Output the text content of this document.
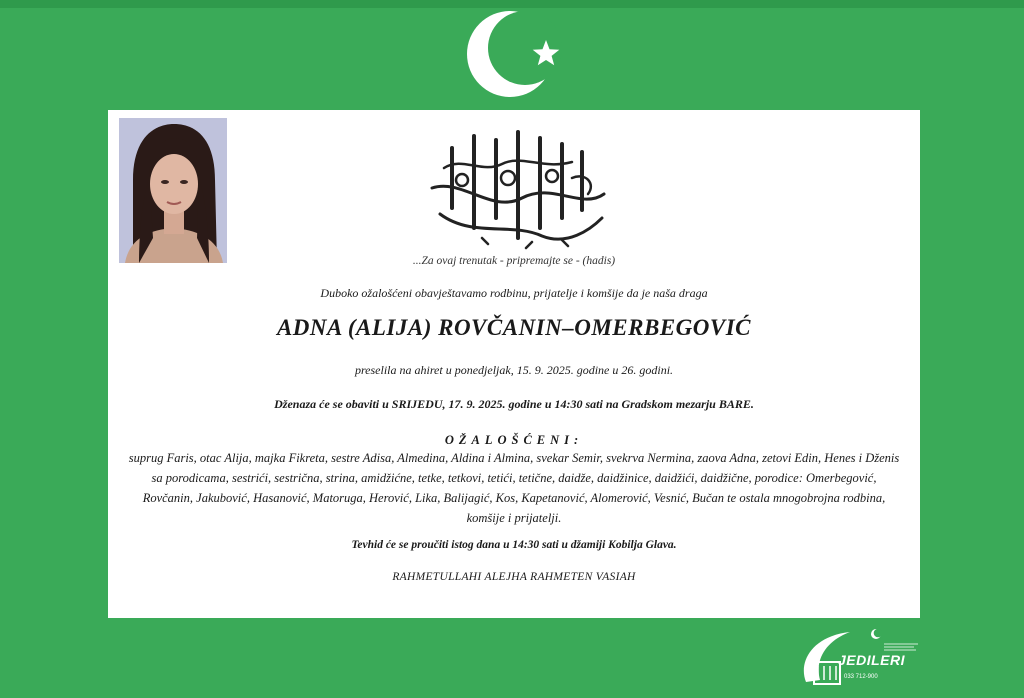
...Za ovaj trenutak - pripremajte se - (hadis)

Duboko ožalošćeni obavještavamo rodbinu, prijatelje i komšije da je naša draga

ADNA (ALIJA) ROVČANIN–OMERBEGOVIĆ

preselila na ahiret u ponedjeljak, 15. 9. 2025. godine u 26. godini.

Dženaza će se obaviti u SRIJEDU, 17. 9. 2025. godine u 14:30 sati na Gradskom mezarju BARE.

OŽALOŠĆENI:

suprug Faris, otac Alija, majka Fikreta, sestre Adisa, Almedina, Aldina i Almina, svekar Semir, svekrva Nermina, zaova Adna, zetovi Edin, Henes i Dženis sa porodicama, sestrići, sestrična, strina, amidžićne, tetke, tetkovi, tetići, tetične, daidže, daidžinice, daidžići, daidžične, porodice: Omerbegović, Rovčanin, Jakubović, Hasanović, Matoruga, Herović, Lika, Balijagić, Kos, Kapetanović, Alomerović, Vesnić, Bučan te ostala mnogobrojna rodbina, komšije i prijatelji.

Tevhid će se proučiti istog dana u 14:30 sati u džamiji Kobilja Glava.

RAHMETULLAHI ALEJHA RAHMETEN VASIAH

JEDILERI
033 712-900
